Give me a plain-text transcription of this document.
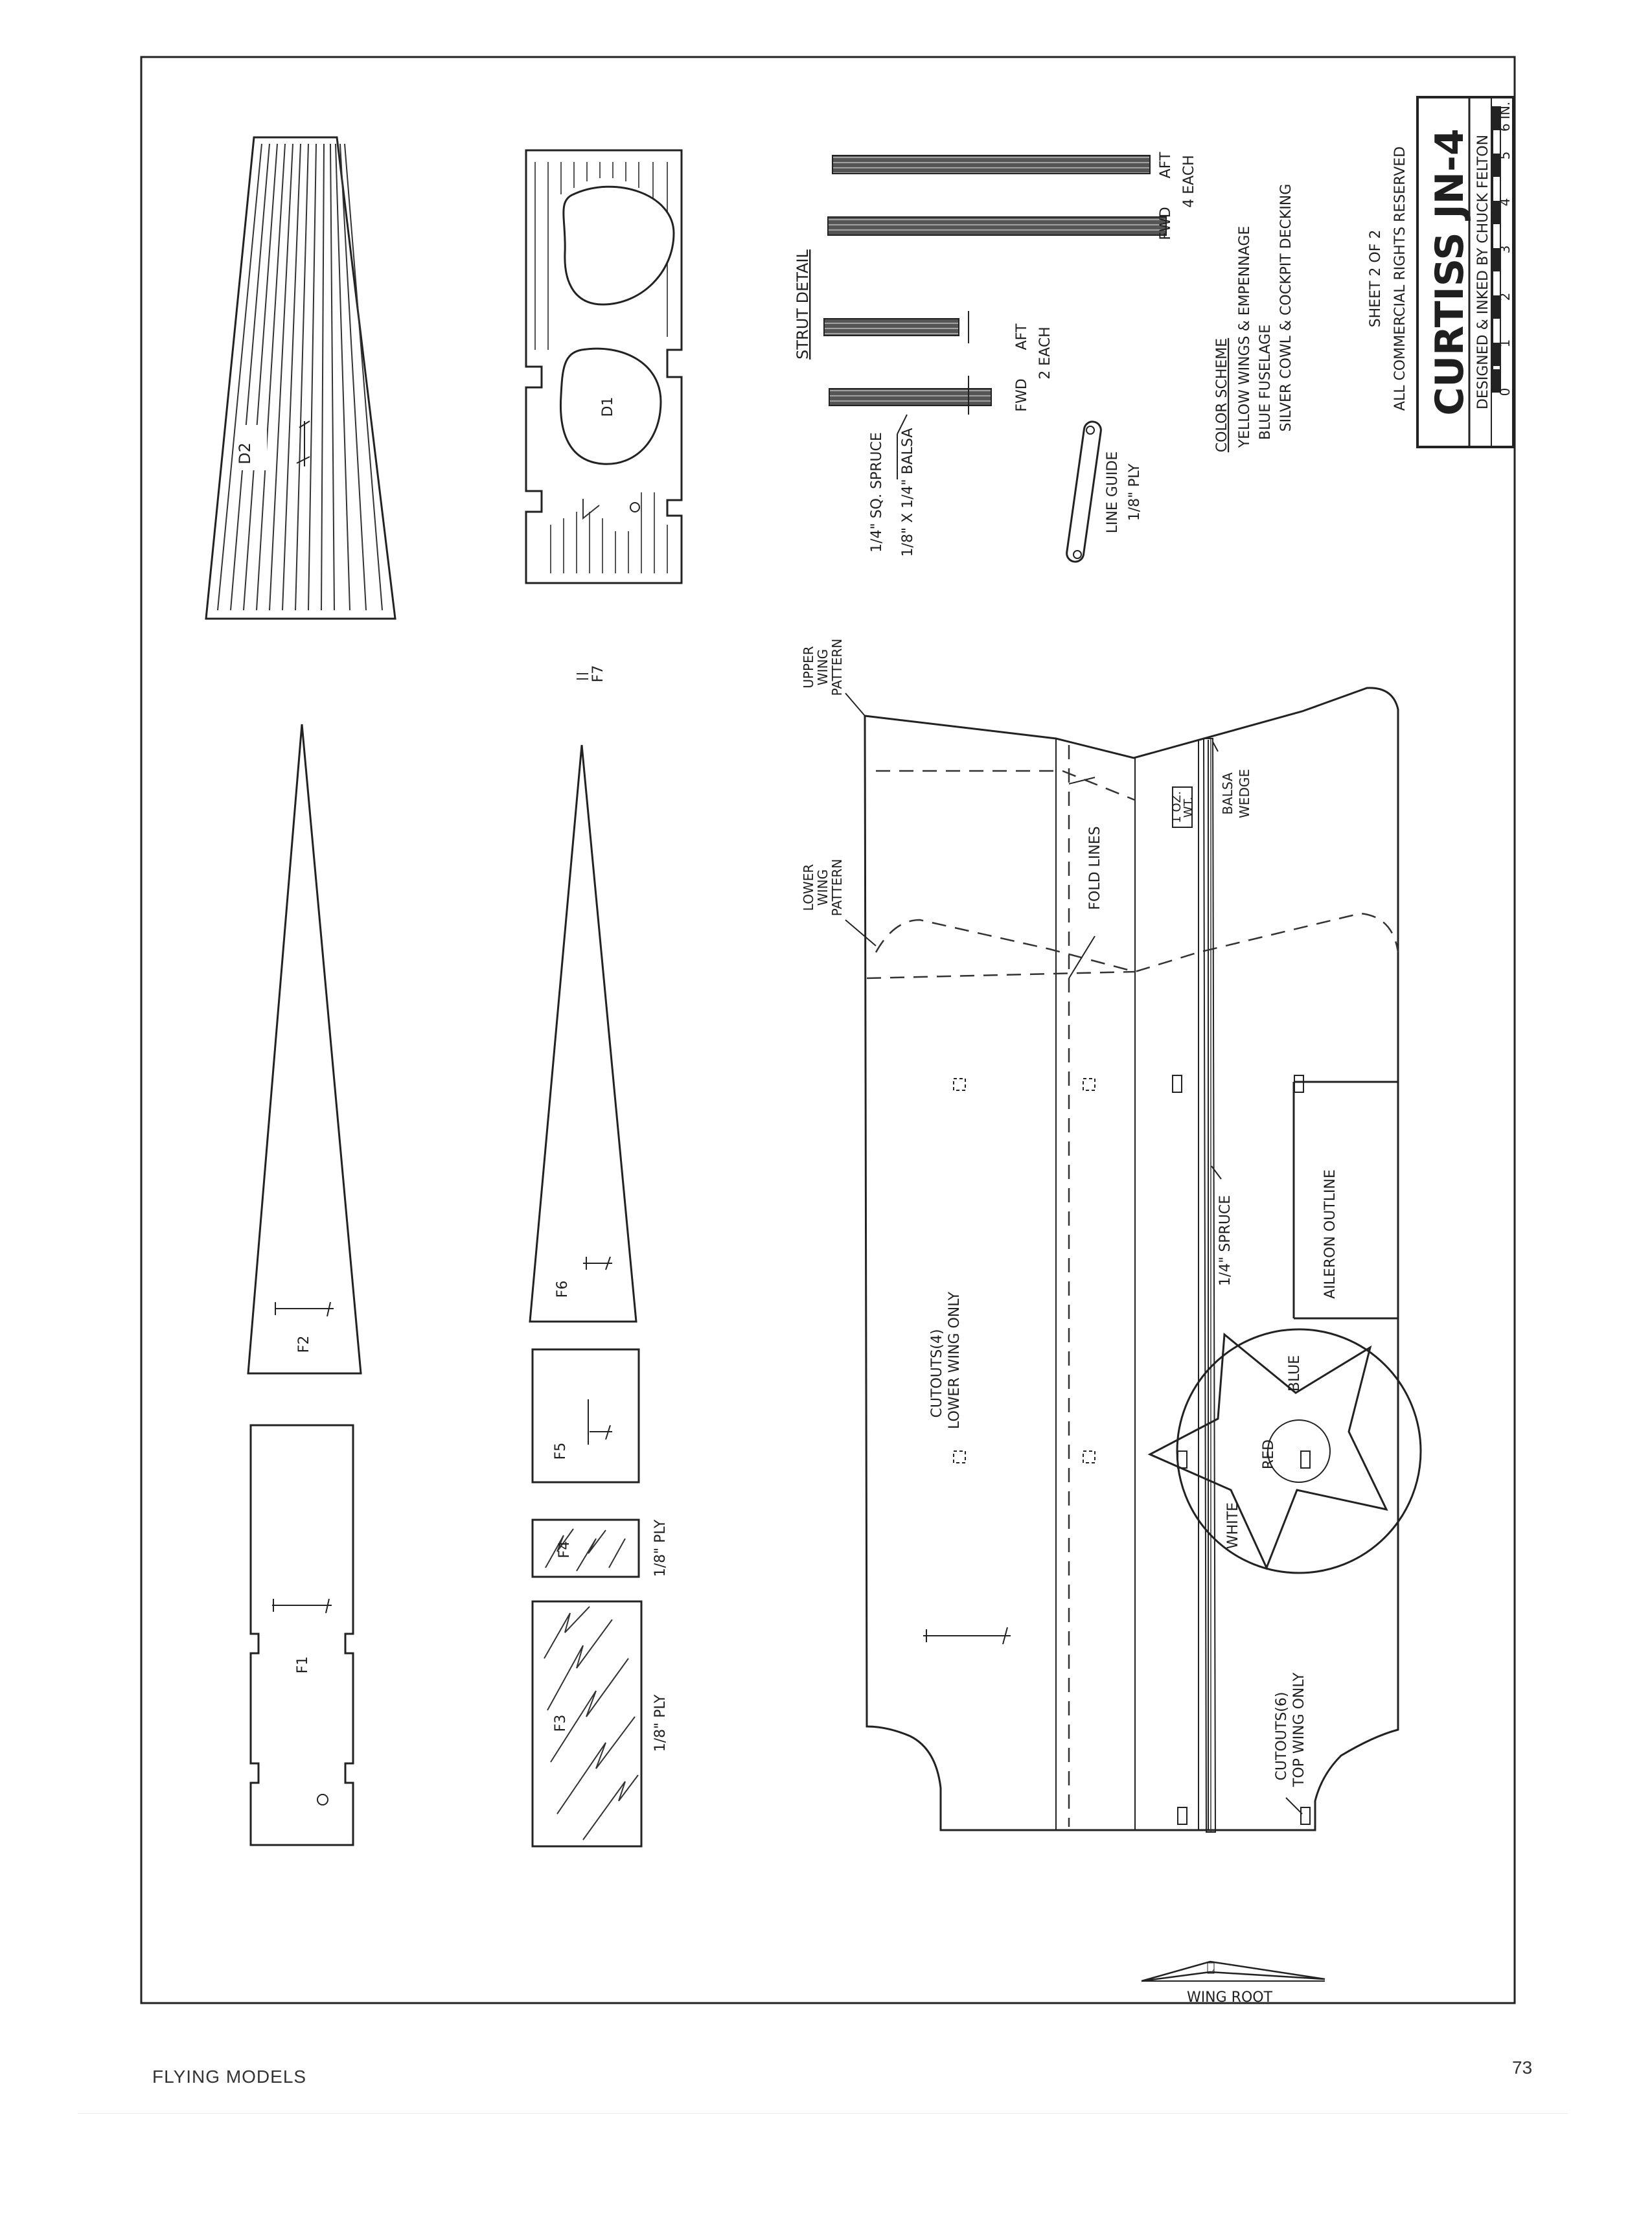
D2
D1
F2
F6
F7
F1
F5
F4	1/8" PLY
F3	1/8" PLY
STRUT DETAIL
1/4" SQ. SPRUCE 1/8" X 1/4" BALSA
FWD
AFT 2 EACH
FWD
AFT 4 EACH
LINE GUIDE 1/8" PLY
COLOR SCHEME YELLOW WINGS & EMPENNAGE BLUE FUSELAGE SILVER COWL & COCKPIT DECKING	SHEET 2 OF 2 ALL COMMERCIAL RIGHTS RESERVED CURTISS JN-4 DESIGNED & INKED BY CHUCK FELTON 0
1
2
3
4
5
6 IN.
1 OZ.
WT. BALSA WEDGE
AILERON OUTLINE
1/4" SPRUCE
FOLD LINES
UPPER
WING
PATTERN
LOWER
WING
PATTERN
CUTOUTS(4) LOWER WING ONLY
CUTOUTS(6) TOP WING ONLY
RED
BLUE
WHITE
WING ROOT
FLYING MODELS	73
